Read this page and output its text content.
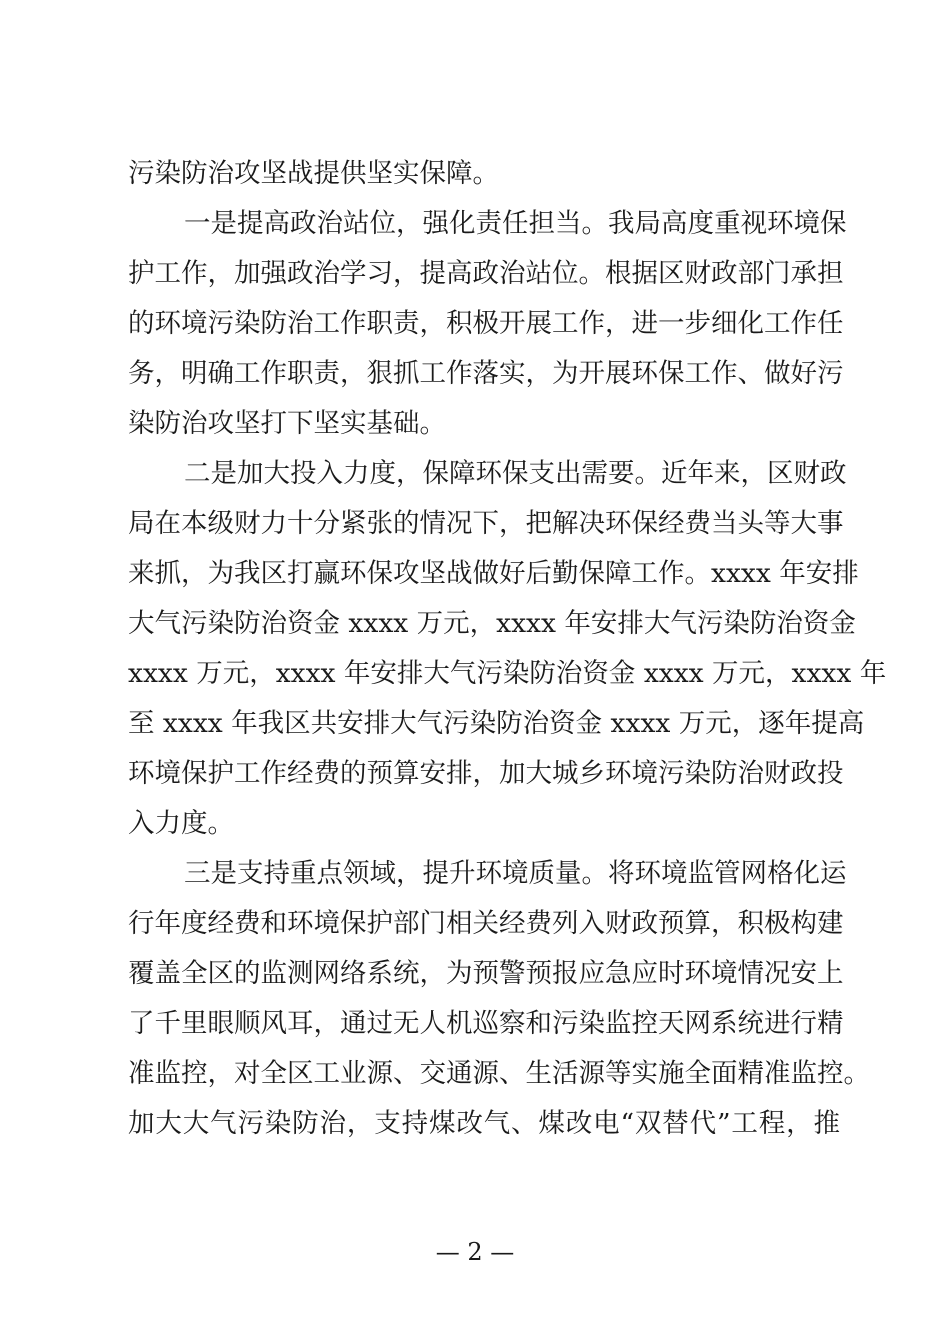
污染防治攻坚战提供坚实保障。
一是提高政治站位，强化责任担当。我局高度重视环境保
护工作，加强政治学习，提高政治站位。根据区财政部门承担
的环境污染防治工作职责，积极开展工作，进一步细化工作任
务，明确工作职责，狠抓工作落实，为开展环保工作、做好污
染防治攻坚打下坚实基础。
二是加大投入力度，保障环保支出需要。近年来，区财政
局在本级财力十分紧张的情况下，把解决环保经费当头等大事
来抓，为我区打赢环保攻坚战做好后勤保障工作。xxxx 年安排
大气污染防治资金 xxxx 万元，xxxx 年安排大气污染防治资金
xxxx 万元，xxxx 年安排大气污染防治资金 xxxx 万元，xxxx 年
至 xxxx 年我区共安排大气污染防治资金 xxxx 万元，逐年提高
环境保护工作经费的预算安排，加大城乡环境污染防治财政投
入力度。
三是支持重点领域，提升环境质量。将环境监管网格化运
行年度经费和环境保护部门相关经费列入财政预算，积极构建
覆盖全区的监测网络系统，为预警预报应急应时环境情况安上
了千里眼顺风耳，通过无人机巡察和污染监控天网系统进行精
准监控，对全区工业源、交通源、生活源等实施全面精准监控。
加大大气污染防治，支持煤改气、煤改电“双替代”工程，推
— 2 —
